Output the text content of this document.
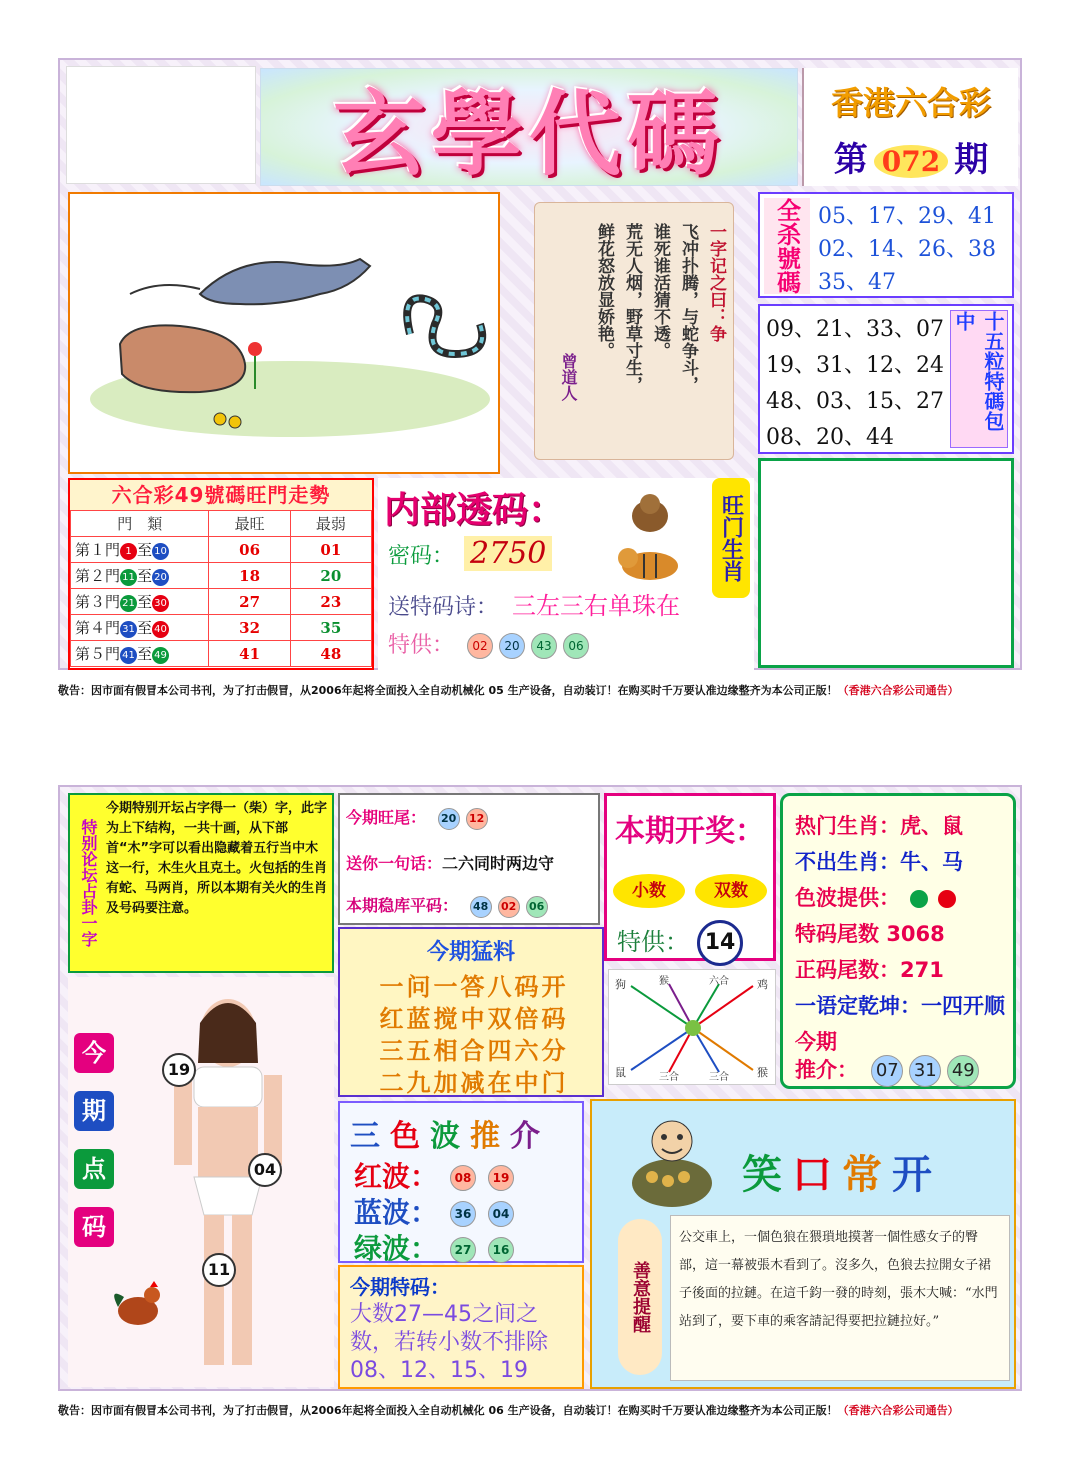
玄學代碼	香港六合彩
第 072 期
一字记之曰：争
飞冲扑腾，与蛇争斗，
谁死谁活猜不透。
荒无人烟，野草寸生，
鲜花怒放显娇艳。
曾道人
全杀號碼 05、17、29、41
02、14、26、38
35、47
09、21、33、07
19、31、12、24
48、03、15、27
08、20、44
十五粒特碼包中
六合彩49號碼旺門走勢
門　類	最旺	最弱
第１門 1 至 10	06	01
第２門 11 至 20	18	20
第３門 21 至 30	27	23
第４門 31 至 40	32	35
第５門 41 至 49	41	48
内部透码：
密码： 2750
送特码诗： 三左三右单珠在
特供： 02 20 43 06
旺门生肖
敬告：因市面有假冒本公司书刊，为了打击假冒，从2006年起将全面投入全自动机械化 05 生产设备，自动装订！在购买时千万要认准边缘整齐为本公司正版！（香港六合彩公司通告）
特别论坛占卦一字
今期特别开坛占字得一（柴）字，此字为上下结构，一共十画，从下部首“木”字可以看出隐藏着五行当中木这一行，木生火且克土。火包括的生肖有蛇、马两肖，所以本期有关火的生肖及号码要注意。
今
期
点
码
19
04
11
今期旺尾： 20 12
送你一句话：二六同时两边守
本期稳库平码： 48 02 06
本期开奖：
小数	双数
特供： 14
热门生肖：虎、鼠
不出生肖：牛、马
色波提供：
特码尾数 3068
正码尾数：271
一语定乾坤：一四开顺
今期
推介： 07 31 49
今期猛料
一问一答八码开
红蓝搅中双倍码
三五相合四六分
二九加减在中门
狗	猴	六合	鸡
鼠	三合	三合	猴
三色波推介
红波： 08 19
蓝波： 36 04
绿波： 27 16
今期特码：
大数27—45之间之数，若转小数不排除08、12、15、19
笑口常开
善意提醒
公交車上，一個色狼在猥瑣地摸著一個性感女子的臀部，這一幕被張木看到了。沒多久，色狼去拉開女子裙子後面的拉鏈。在這千鈞一發的時刻，張木大喊：“水門站到了，要下車的乘客請記得要把拉鏈拉好。”
敬告：因市面有假冒本公司书刊，为了打击假冒，从2006年起将全面投入全自动机械化 06 生产设备，自动装订！在购买时千万要认准边缘整齐为本公司正版！（香港六合彩公司通告）
